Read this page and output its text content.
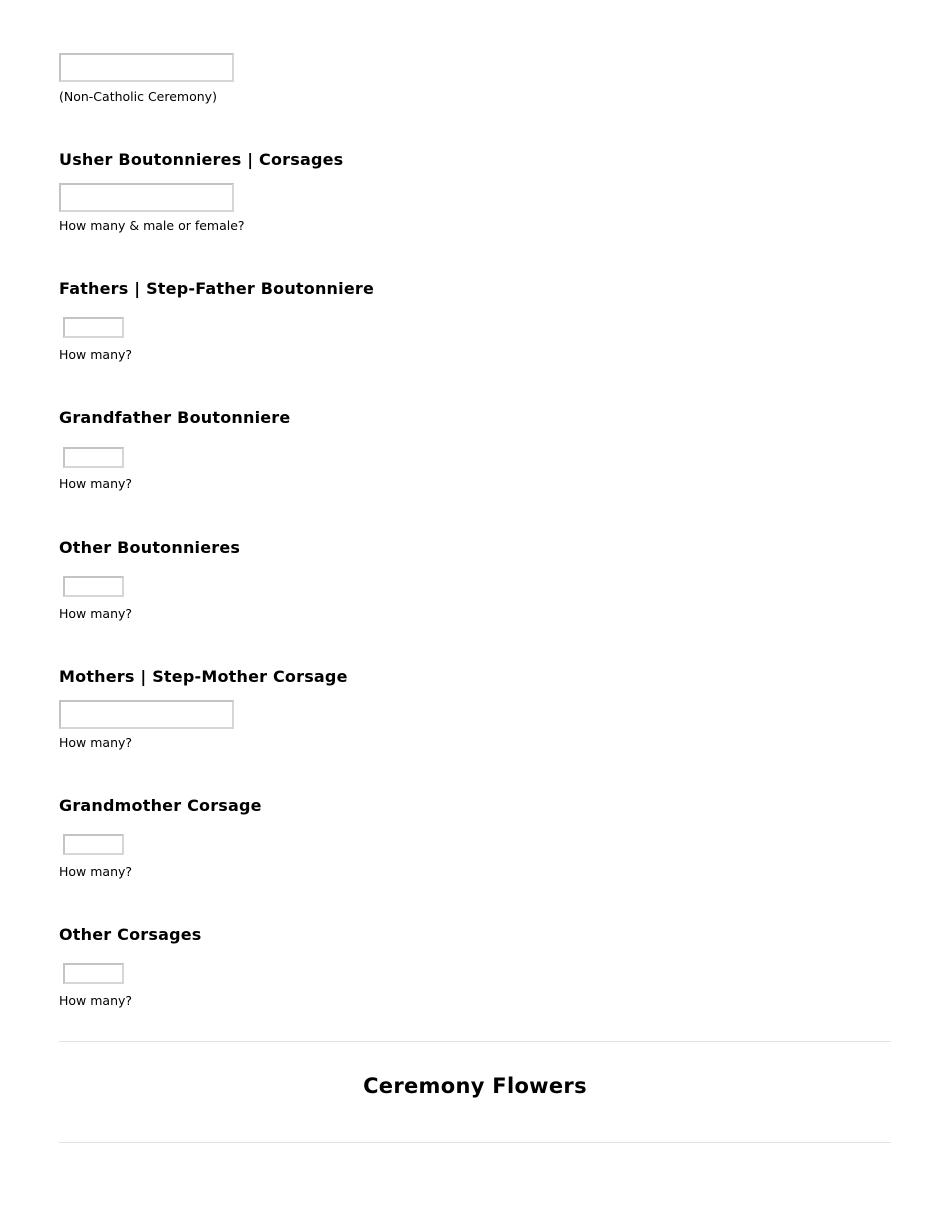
(Non-Catholic Ceremony)
Usher Boutonnieres | Corsages
How many & male or female?
Fathers | Step-Father Boutonniere
How many?
Grandfather Boutonniere
How many?
Other Boutonnieres
How many?
Mothers | Step-Mother Corsage
How many?
Grandmother Corsage
How many?
Other Corsages
How many?
Ceremony Flowers
